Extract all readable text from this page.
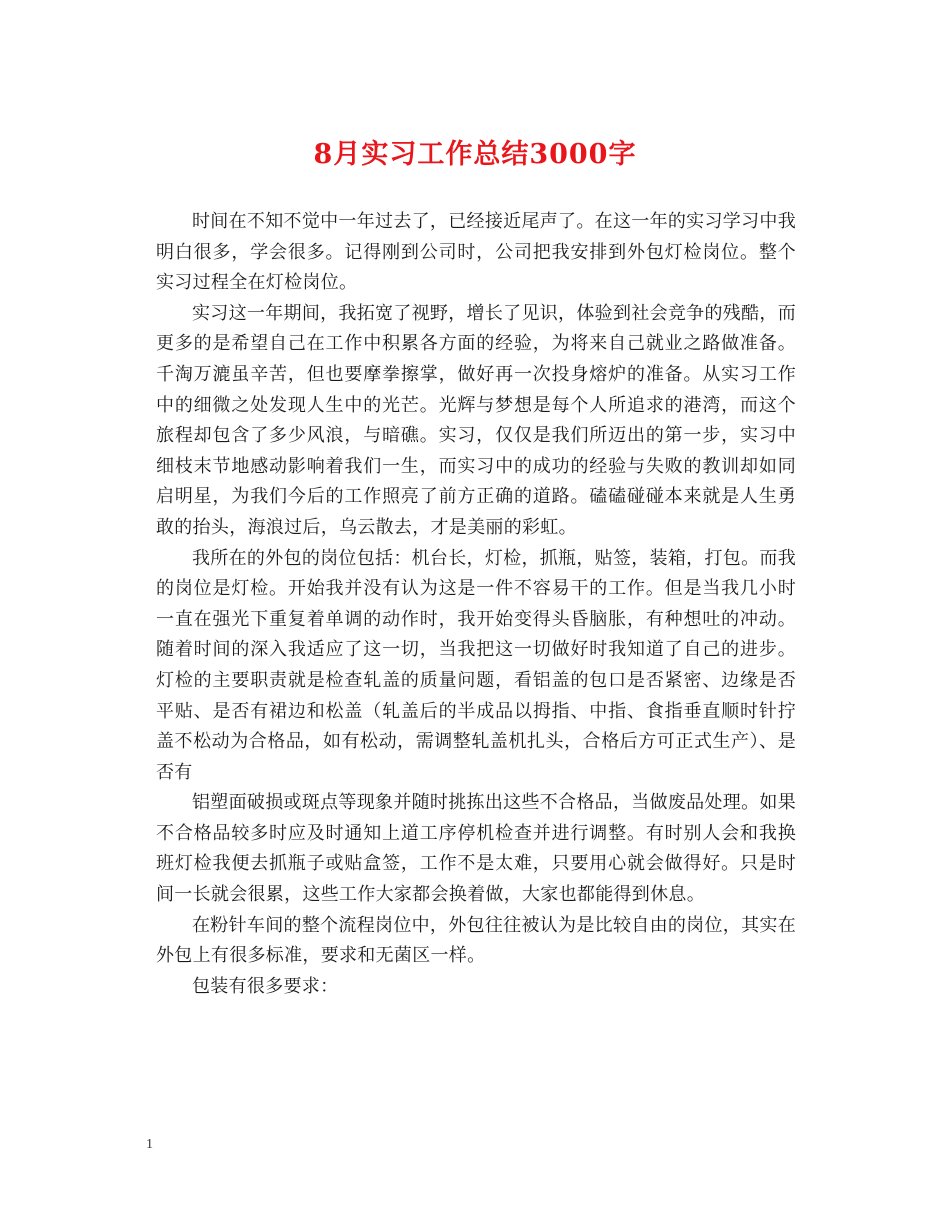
8月实习工作总结3000字

时间在不知不觉中一年过去了，已经接近尾声了。在这一年的实习学习中我明白很多，学会很多。记得刚到公司时，公司把我安排到外包灯检岗位。整个实习过程全在灯检岗位。

实习这一年期间，我拓宽了视野，增长了见识，体验到社会竞争的残酷，而更多的是希望自己在工作中积累各方面的经验，为将来自己就业之路做准备。千淘万漉虽辛苦，但也要摩拳擦掌，做好再一次投身熔炉的准备。从实习工作中的细微之处发现人生中的光芒。光辉与梦想是每个人所追求的港湾，而这个旅程却包含了多少风浪，与暗礁。实习，仅仅是我们所迈出的第一步，实习中细枝末节地感动影响着我们一生，而实习中的成功的经验与失败的教训却如同启明星，为我们今后的工作照亮了前方正确的道路。磕磕碰碰本来就是人生勇敢的抬头，海浪过后，乌云散去，才是美丽的彩虹。

我所在的外包的岗位包括：机台长，灯检，抓瓶，贴签，装箱，打包。而我的岗位是灯检。开始我并没有认为这是一件不容易干的工作。但是当我几小时一直在强光下重复着单调的动作时，我开始变得头昏脑胀，有种想吐的冲动。随着时间的深入我适应了这一切，当我把这一切做好时我知道了自己的进步。灯检的主要职责就是检查轧盖的质量问题，看铝盖的包口是否紧密、边缘是否平贴、是否有裙边和松盖（轧盖后的半成品以拇指、中指、食指垂直顺时针拧盖不松动为合格品，如有松动，需调整轧盖机扎头，合格后方可正式生产）、是否有

铝塑面破损或斑点等现象并随时挑拣出这些不合格品，当做废品处理。如果不合格品较多时应及时通知上道工序停机检查并进行调整。有时别人会和我换班灯检我便去抓瓶子或贴盒签，工作不是太难，只要用心就会做得好。只是时间一长就会很累，这些工作大家都会换着做，大家也都能得到休息。

在粉针车间的整个流程岗位中，外包往往被认为是比较自由的岗位，其实在外包上有很多标准，要求和无菌区一样。

包装有很多要求：

1
